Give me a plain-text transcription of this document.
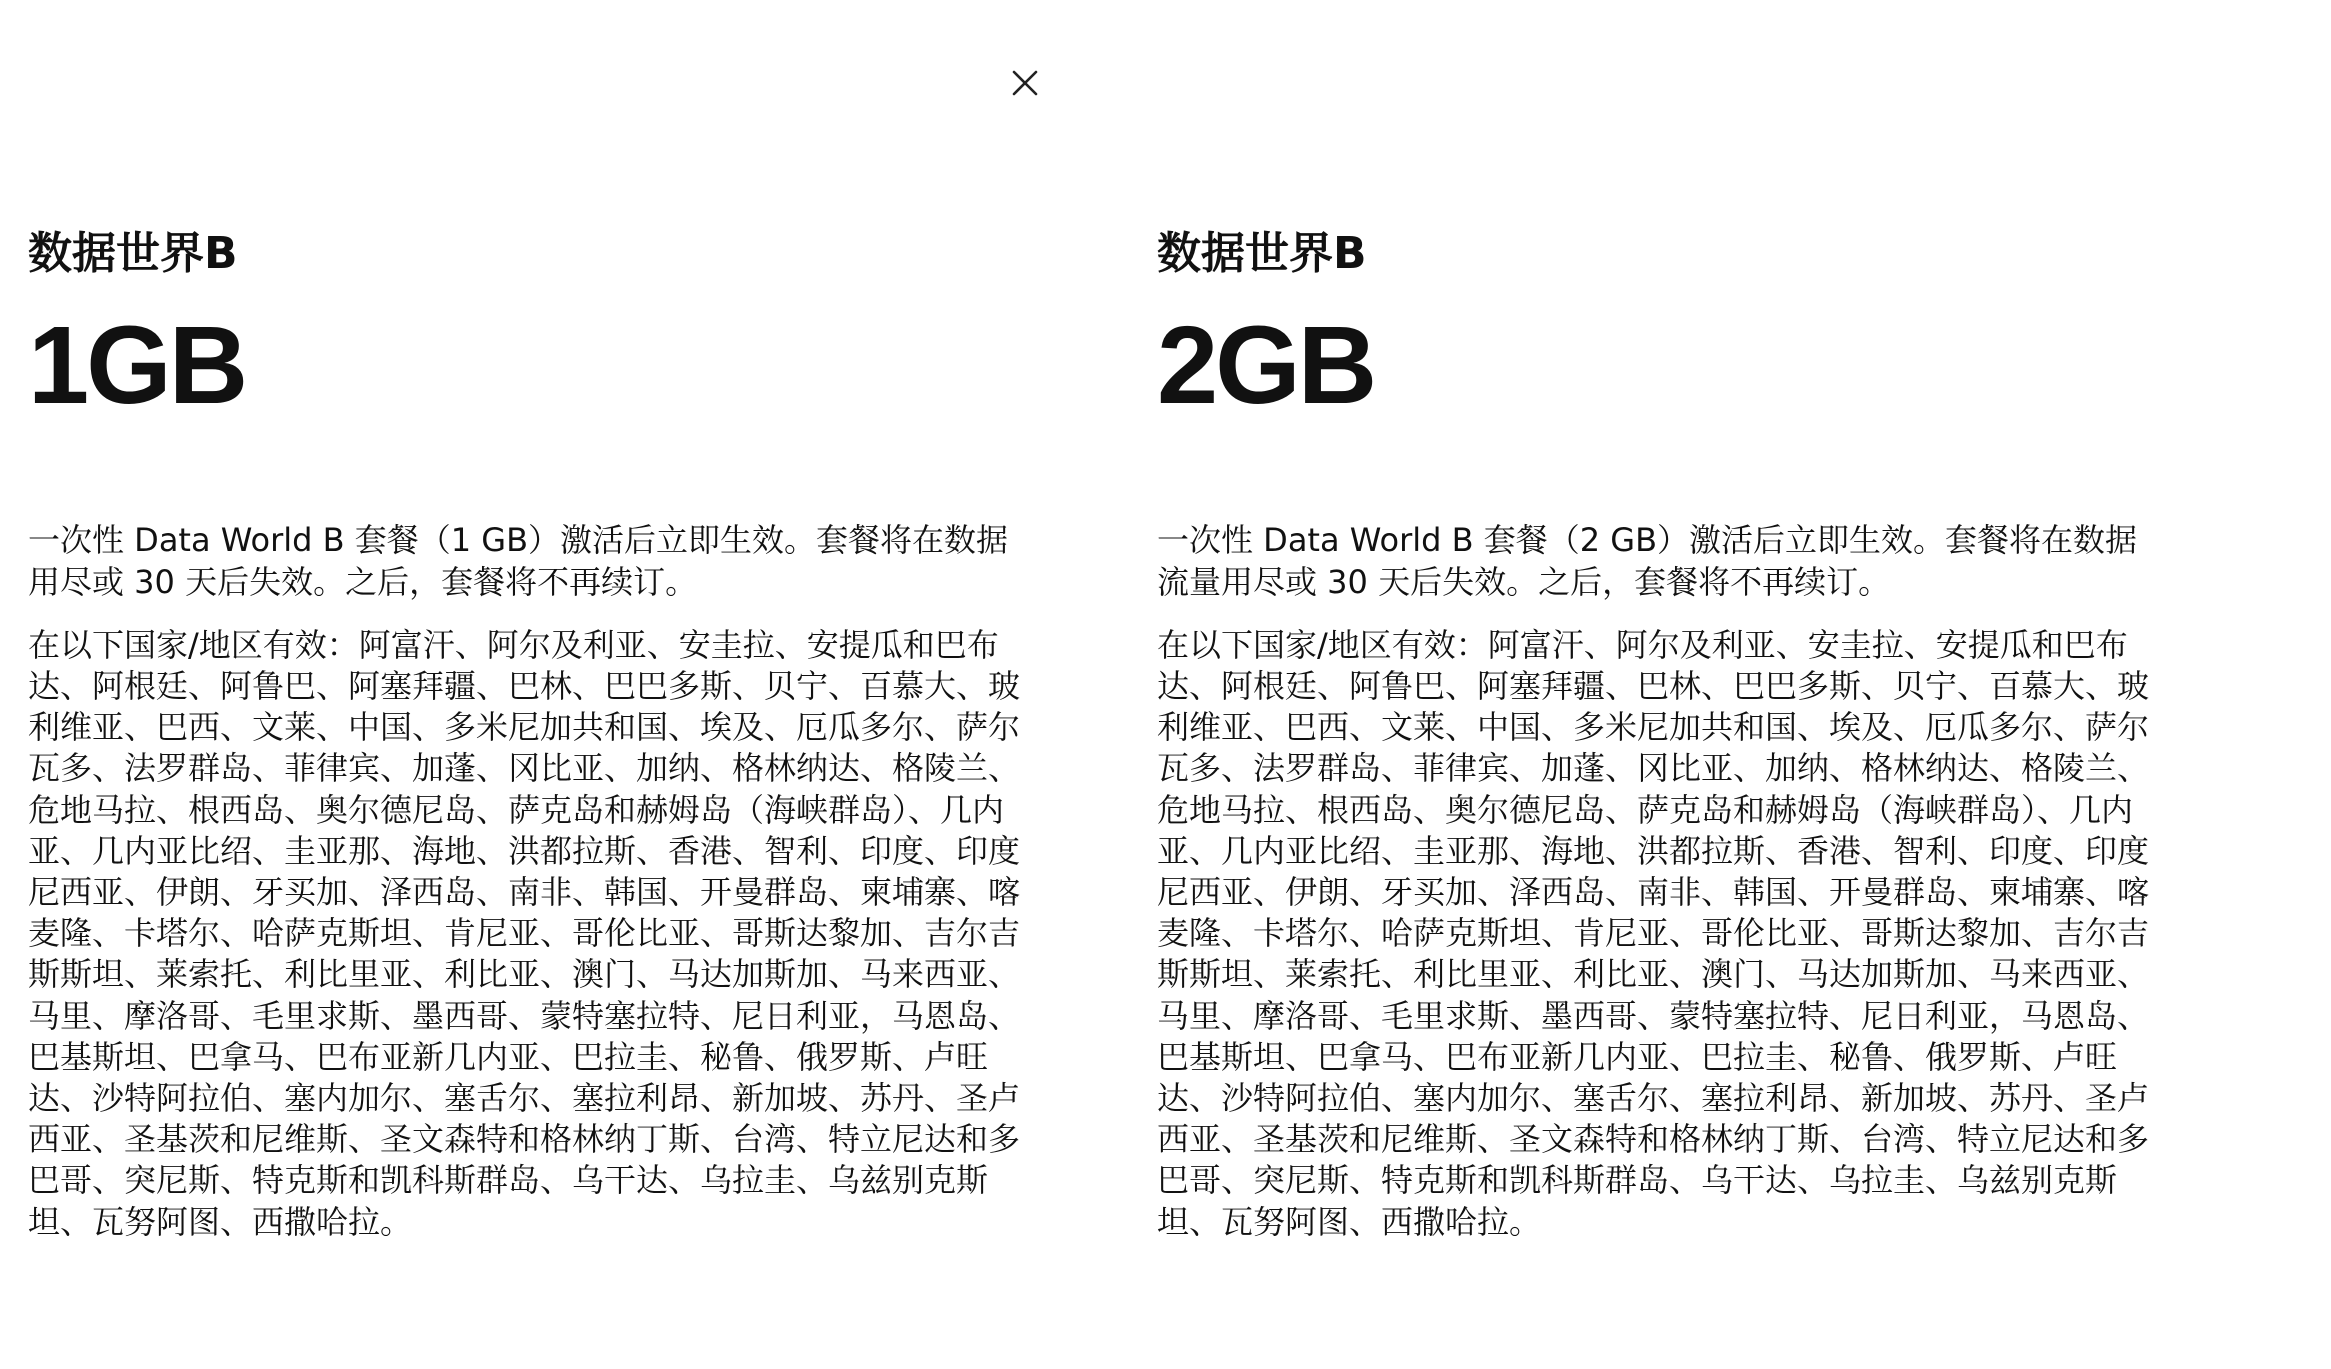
数据世界B
1GB

一次性 Data World B 套餐（1 GB）激活后立即生效。套餐将在数据用尽或 30 天后失效。之后，套餐将不再续订。

在以下国家/地区有效：阿富汗、阿尔及利亚、安圭拉、安提瓜和巴布达、阿根廷、阿鲁巴、阿塞拜疆、巴林、巴巴多斯、贝宁、百慕大、玻利维亚、巴西、文莱、中国、多米尼加共和国、埃及、厄瓜多尔、萨尔瓦多、法罗群岛、菲律宾、加蓬、冈比亚、加纳、格林纳达、格陵兰、危地马拉、根西岛、奥尔德尼岛、萨克岛和赫姆岛（海峡群岛）、几内亚、几内亚比绍、圭亚那、海地、洪都拉斯、香港、智利、印度、印度尼西亚、伊朗、牙买加、泽西岛、南非、韩国、开曼群岛、柬埔寨、喀麦隆、卡塔尔、哈萨克斯坦、肯尼亚、哥伦比亚、哥斯达黎加、吉尔吉斯斯坦、莱索托、利比里亚、利比亚、澳门、马达加斯加、马来西亚、马里、摩洛哥、毛里求斯、墨西哥、蒙特塞拉特、尼日利亚，马恩岛、巴基斯坦、巴拿马、巴布亚新几内亚、巴拉圭、秘鲁、俄罗斯、卢旺达、沙特阿拉伯、塞内加尔、塞舌尔、塞拉利昂、新加坡、苏丹、圣卢西亚、圣基茨和尼维斯、圣文森特和格林纳丁斯、台湾、特立尼达和多巴哥、突尼斯、特克斯和凯科斯群岛、乌干达、乌拉圭、乌兹别克斯坦、瓦努阿图、西撒哈拉。

数据世界B
2GB

一次性 Data World B 套餐（2 GB）激活后立即生效。套餐将在数据流量用尽或 30 天后失效。之后，套餐将不再续订。

在以下国家/地区有效：阿富汗、阿尔及利亚、安圭拉、安提瓜和巴布达、阿根廷、阿鲁巴、阿塞拜疆、巴林、巴巴多斯、贝宁、百慕大、玻利维亚、巴西、文莱、中国、多米尼加共和国、埃及、厄瓜多尔、萨尔瓦多、法罗群岛、菲律宾、加蓬、冈比亚、加纳、格林纳达、格陵兰、危地马拉、根西岛、奥尔德尼岛、萨克岛和赫姆岛（海峡群岛）、几内亚、几内亚比绍、圭亚那、海地、洪都拉斯、香港、智利、印度、印度尼西亚、伊朗、牙买加、泽西岛、南非、韩国、开曼群岛、柬埔寨、喀麦隆、卡塔尔、哈萨克斯坦、肯尼亚、哥伦比亚、哥斯达黎加、吉尔吉斯斯坦、莱索托、利比里亚、利比亚、澳门、马达加斯加、马来西亚、马里、摩洛哥、毛里求斯、墨西哥、蒙特塞拉特、尼日利亚，马恩岛、巴基斯坦、巴拿马、巴布亚新几内亚、巴拉圭、秘鲁、俄罗斯、卢旺达、沙特阿拉伯、塞内加尔、塞舌尔、塞拉利昂、新加坡、苏丹、圣卢西亚、圣基茨和尼维斯、圣文森特和格林纳丁斯、台湾、特立尼达和多巴哥、突尼斯、特克斯和凯科斯群岛、乌干达、乌拉圭、乌兹别克斯坦、瓦努阿图、西撒哈拉。
